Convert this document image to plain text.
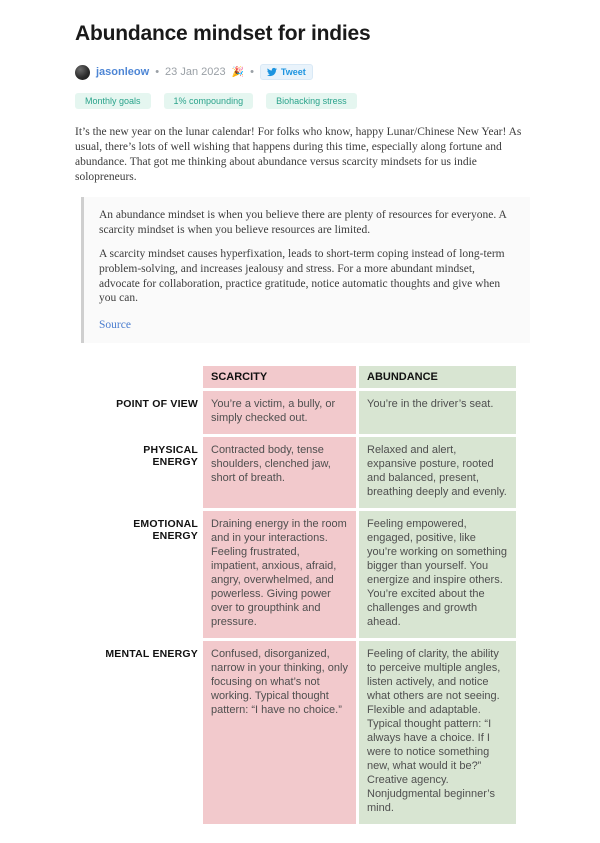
Abundance mindset for indies
jasonleow • 23 Jan 2023 🎉 •	Tweet
Monthly goals	1% compounding	Biohacking stress

It’s the new year on the lunar calendar! For folks who know, happy Lunar/Chinese New Year! As usual, there’s lots of well wishing that happens during this time, especially along fortune and abundance. That got me thinking about abundance versus scarcity mindsets for us indie solopreneurs.

An abundance mindset is when you believe there are plenty of resources for everyone. A scarcity mindset is when you believe resources are limited.

A scarcity mindset causes hyperfixation, leads to short-term coping instead of long-term problem-solving, and increases jealousy and stress. For a more abundant mindset, advocate for collaboration, practice gratitude, notice automatic thoughts and give when you can.

Source
	SCARCITY	ABUNDANCE
POINT OF VIEW	You’re a victim, a bully, or simply checked out.	You’re in the driver’s seat.
PHYSICAL ENERGY	Contracted body, tense shoulders, clenched jaw, short of breath.	Relaxed and alert, expansive posture, rooted and balanced, present, breathing deeply and evenly.
EMOTIONAL ENERGY	Draining energy in the room and in your interactions. Feeling frustrated, impatient, anxious, afraid, angry, overwhelmed, and powerless. Giving power over to groupthink and pressure.	Feeling empowered, engaged, positive, like you’re working on something bigger than yourself. You energize and inspire others. You’re excited about the challenges and growth ahead.
MENTAL ENERGY	Confused, disorganized, narrow in your thinking, only focusing on what’s not working. Typical thought pattern: “I have no choice.”	Feeling of clarity, the ability to perceive multiple angles, listen actively, and notice what others are not seeing. Flexible and adaptable. Typical thought pattern: “I always have a choice. If I were to notice something new, what would it be?” Creative agency. Nonjudgmental beginner’s mind.
